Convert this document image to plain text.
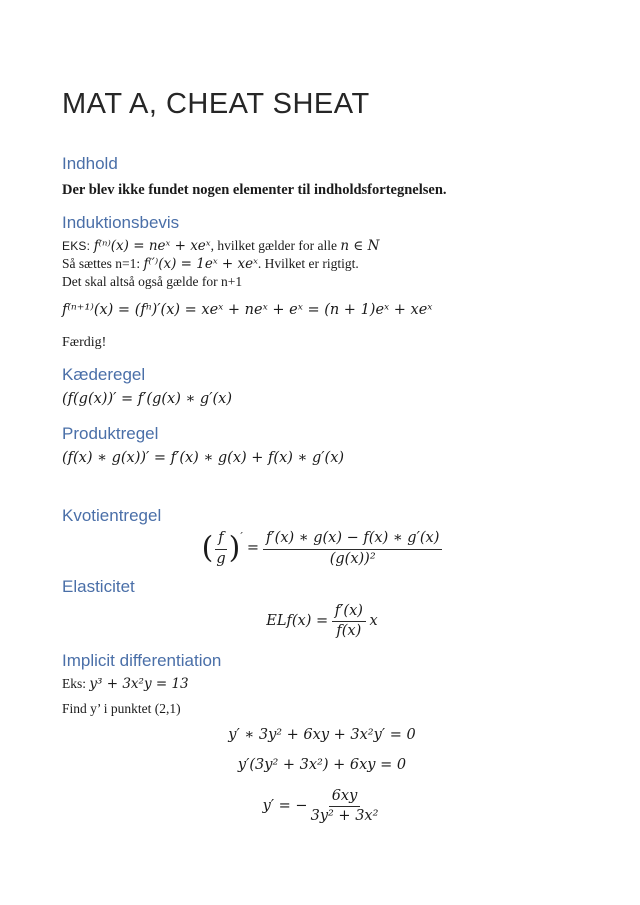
MAT A, CHEAT SHEAT
Indhold

Der blev ikke fundet nogen elementer til indholdsfortegnelsen.

Induktionsbevis

EKS: f⁽ⁿ⁾(x) = neˣ + xeˣ, hvilket gælder for alle n ∈ N

Så sættes n=1: f⁽′⁾(x) = 1eˣ + xeˣ. Hvilket er rigtigt.

Det skal altså også gælde for n+1

f⁽ⁿ⁺¹⁾(x) = (fⁿ)′(x) = xeˣ + neˣ + eˣ = (n + 1)eˣ + xeˣ

Færdig!

Kæderegel

(f(g(x))′ = f′(g(x) ∗ g′(x)

Produktregel

(f(x) ∗ g(x))′ = f′(x) ∗ g(x) + f(x) ∗ g′(x)

Kvotientregel
( $\frac{f}{g} )'= \frac{f'(x) ∗ g(x) - f(x) ∗ g'(x)}{\text{(g(x))²}}$
Elasticitet
$ELf(x) = \frac{f'(x)}{f(x)}$ x
Implicit differentiation

Eks: y³ + 3x²y = 13

Find y’ i punktet (2,1)

y′ ∗ 3y² + 6xy + 3x²y′ = 0

y′(3y² + 3x²) + 6xy = 0

y′ = − $\frac{6xy}{\text{3y² + 3x²}}$
